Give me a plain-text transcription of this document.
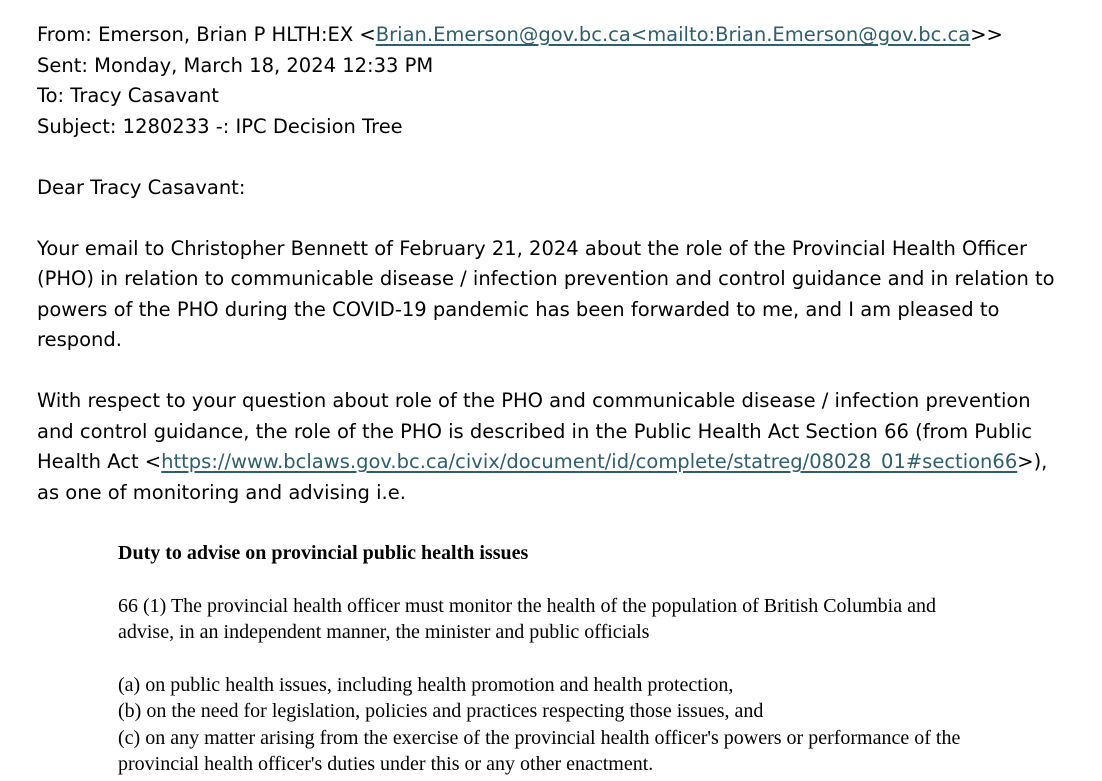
From: Emerson, Brian P HLTH:EX <Brian.Emerson@gov.bc.ca<mailto:Brian.Emerson@gov.bc.ca>>
Sent: Monday, March 18, 2024 12:33 PM
To: Tracy Casavant
Subject: 1280233 -: IPC Decision Tree
Dear Tracy Casavant:
Your email to Christopher Bennett of February 21, 2024 about the role of the Provincial Health Officer
(PHO) in relation to communicable disease / infection prevention and control guidance and in relation to
powers of the PHO during the COVID-19 pandemic has been forwarded to me, and I am pleased to
respond.
With respect to your question about role of the PHO and communicable disease / infection prevention
and control guidance, the role of the PHO is described in the Public Health Act Section 66 (from Public
Health Act <https://www.bclaws.gov.bc.ca/civix/document/id/complete/statreg/08028_01#section66>),
as one of monitoring and advising i.e.
Duty to advise on provincial public health issues
66 (1) The provincial health officer must monitor the health of the population of British Columbia and
advise, in an independent manner, the minister and public officials
(a) on public health issues, including health promotion and health protection,
(b) on the need for legislation, policies and practices respecting those issues, and
(c) on any matter arising from the exercise of the provincial health officer's powers or performance of the
provincial health officer's duties under this or any other enactment.
